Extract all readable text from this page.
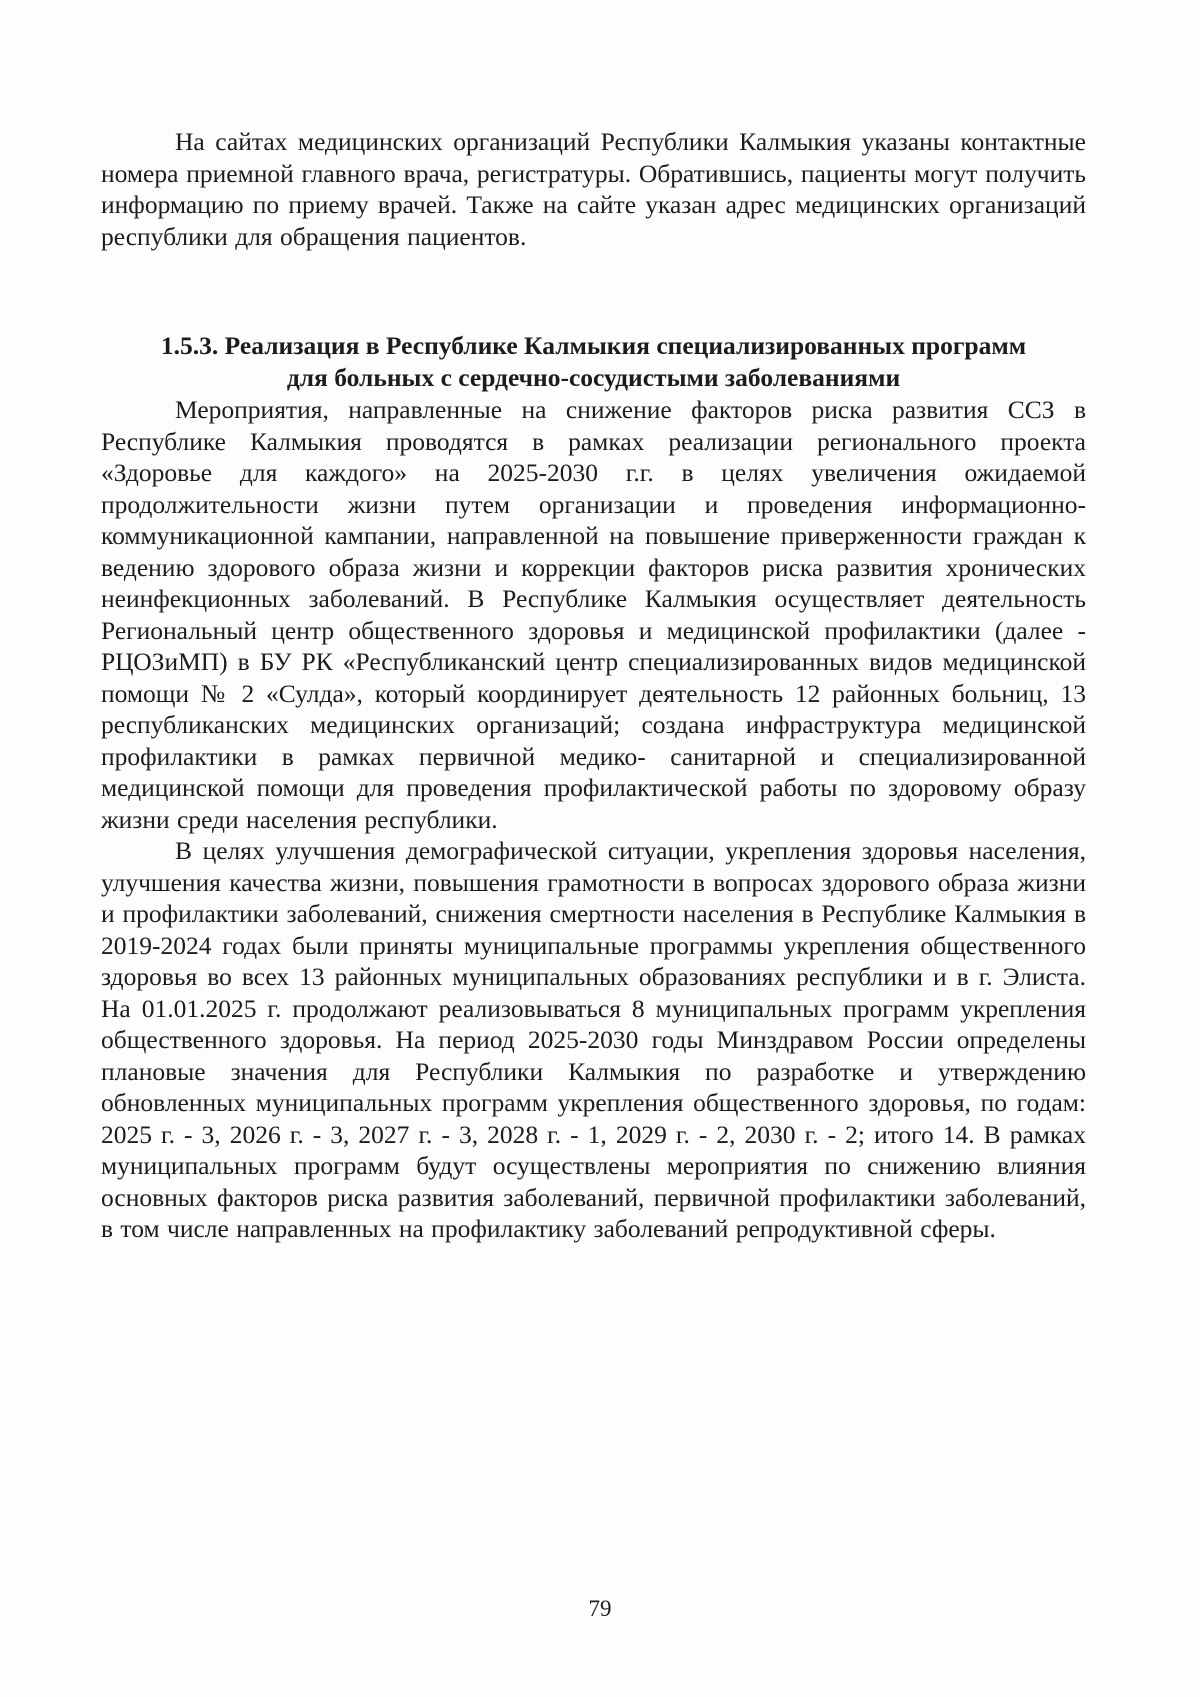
На сайтах медицинских организаций Республики Калмыкия указаны контактные номера приемной главного врача, регистратуры. Обратившись, пациенты могут получить информацию по приему врачей. Также на сайте указан адрес медицинских организаций республики для обращения пациентов.

1.5.3. Реализация в Республике Калмыкия специализированных программ
для больных с сердечно-сосудистыми заболеваниями

Мероприятия, направленные на снижение факторов риска развития ССЗ в Республике Калмыкия проводятся в рамках реализации регионального проекта «Здоровье для каждого» на 2025-2030 г.г. в целях увеличения ожидаемой продолжительности жизни путем организации и проведения информационно-коммуникационной кампании, направленной на повышение приверженности граждан к ведению здорового образа жизни и коррекции факторов риска развития хронических неинфекционных заболеваний. В Республике Калмыкия осуществляет деятельность Региональный центр общественного здоровья и медицинской профилактики (далее - РЦОЗиМП) в БУ РК «Республиканский центр специализированных видов медицинской помощи № 2 «Сулда», который координирует деятельность 12 районных больниц, 13 республиканских медицинских организаций; создана инфраструктура медицинской профилактики в рамках первичной медико- санитарной и специализированной медицинской помощи для проведения профилактической работы по здоровому образу жизни среди населения республики.

В целях улучшения демографической ситуации, укрепления здоровья населения, улучшения качества жизни, повышения грамотности в вопросах здорового образа жизни и профилактики заболеваний, снижения смертности населения в Республике Калмыкия в 2019-2024 годах были приняты муниципальные программы укрепления общественного здоровья во всех 13 районных муниципальных образованиях республики и в г. Элиста. На 01.01.2025 г. продолжают реализовываться 8 муниципальных программ укрепления общественного здоровья. На период 2025-2030 годы Минздравом России определены плановые значения для Республики Калмыкия по разработке и утверждению обновленных муниципальных программ укрепления общественного здоровья, по годам: 2025 г. - 3, 2026 г. - 3, 2027 г. - 3, 2028 г. - 1, 2029 г. - 2, 2030 г. - 2; итого 14. В рамках муниципальных программ будут осуществлены мероприятия по снижению влияния основных факторов риска развития заболеваний, первичной профилактики заболеваний, в том числе направленных на профилактику заболеваний репродуктивной сферы.

79
